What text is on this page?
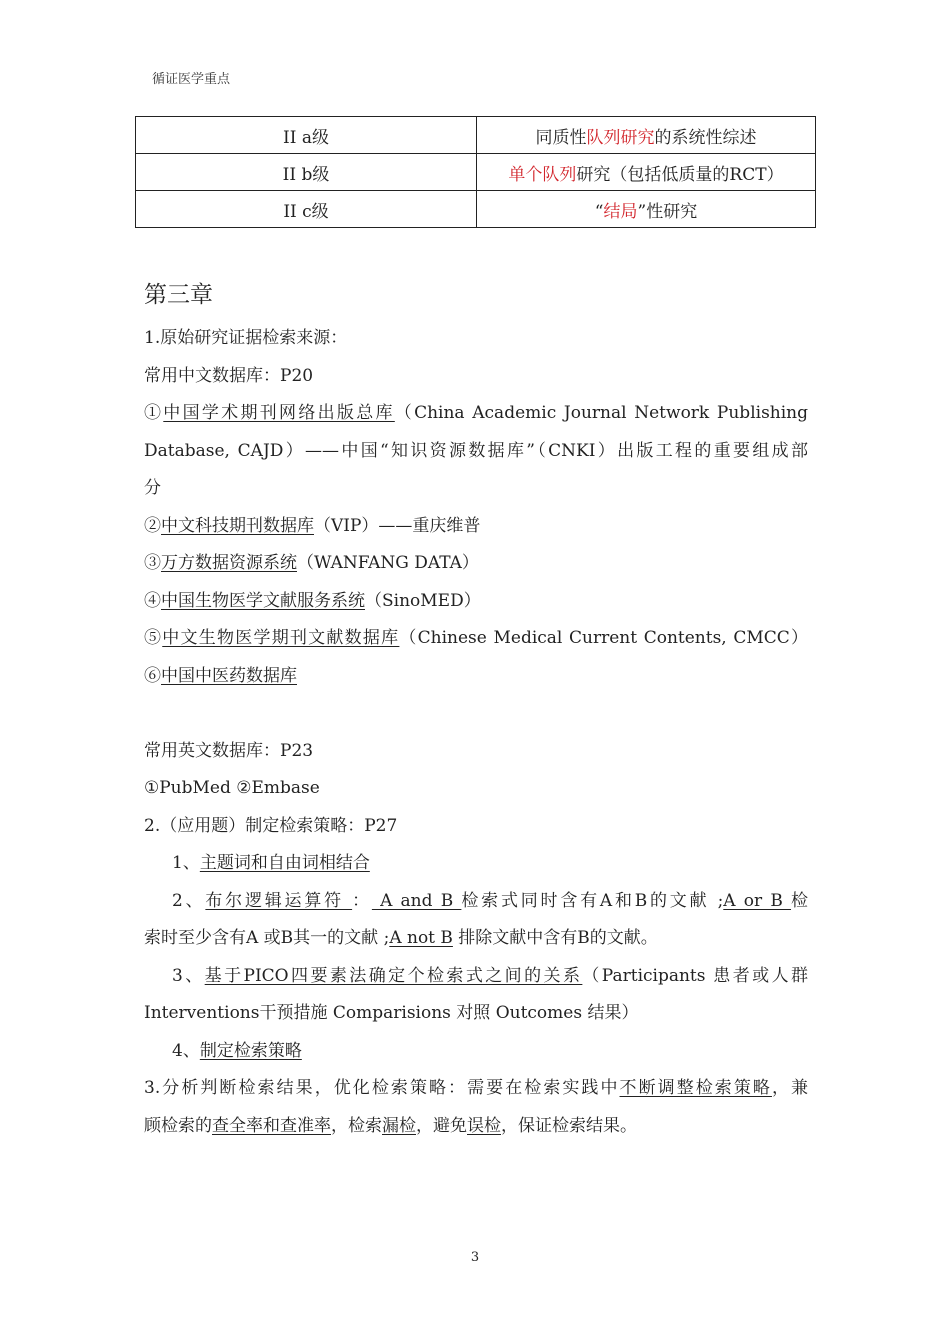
循证医学重点
II a级	同质性队列研究的系统性综述
II b级	单个队列研究（包括低质量的RCT）
II c级	“结局”性研究
第三章

1.原始研究证据检索来源：

常用中文数据库：P20

①中国学术期刊网络出版总库（China Academic Journal Network Publishing

Database, CAJD）——中国“知识资源数据库”（CNKI）出版工程的重要组成部

分

②中文科技期刊数据库（VIP）——重庆维普

③万方数据资源系统（WANFANG DATA）

④中国生物医学文献服务系统（SinoMED）

⑤中文生物医学期刊文献数据库（Chinese Medical Current Contents, CMCC）

⑥中国中医药数据库

常用英文数据库：P23

①PubMed ②Embase

2.（应用题）制定检索策略：P27

1、主题词和自由词相结合

2、布尔逻辑运算符 ： A and B 检索式同时含有A和B的文献 ;A or B 检

索时至少含有A 或B其一的文献 ;A not B 排除文献中含有B的文献。

3、基于PICO四要素法确定个检索式之间的关系（Participants 患者或人群

Interventions干预措施 Comparisions 对照 Outcomes 结果）

4、制定检索策略

3.分析判断检索结果，优化检索策略：需要在检索实践中不断调整检索策略，兼

顾检索的查全率和查准率，检索漏检，避免误检，保证检索结果。

3
